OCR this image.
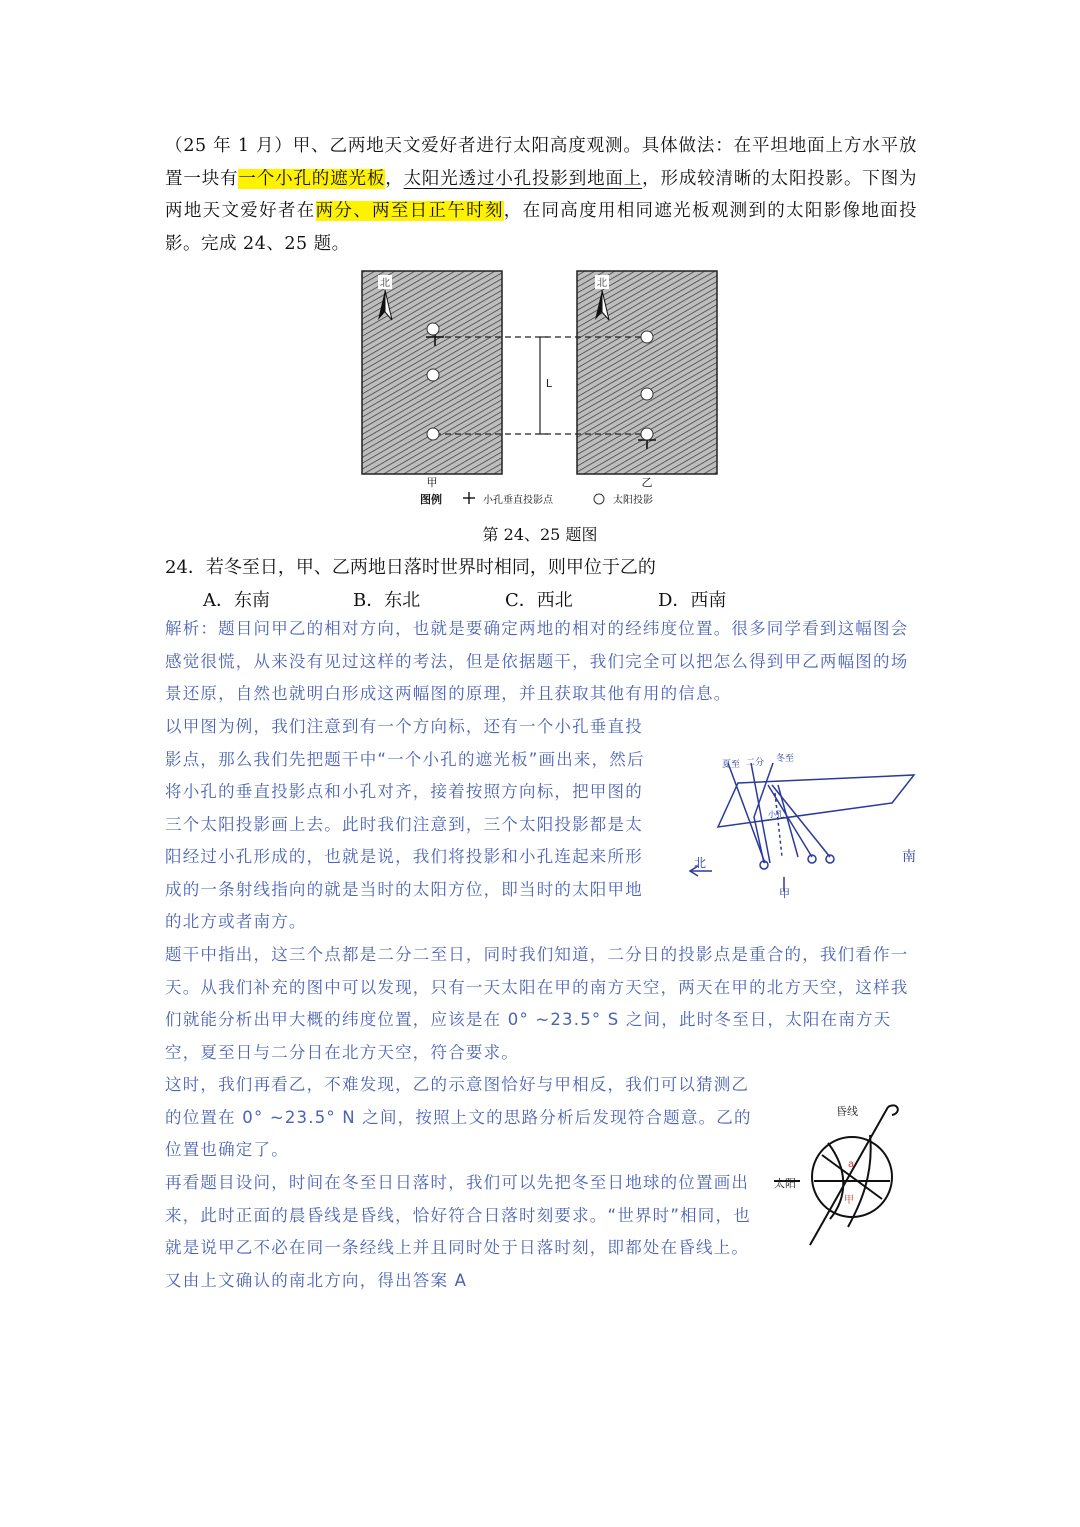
（25 年 1 月）甲、乙两地天文爱好者进行太阳高度观测。具体做法：在平坦地面上方水平放置一块有一个小孔的遮光板，太阳光透过小孔投影到地面上，形成较清晰的太阳投影。下图为两地天文爱好者在两分、两至日正午时刻，在同高度用相同遮光板观测到的太阳影像地面投影。完成 24、25 题。

北	北
L
甲	乙
图例	小孔垂直投影点	太阳投影
第 24、25 题图
24．若冬至日，甲、乙两地日落时世界时相同，则甲位于乙的
A．东南	B．东北	C．西北	D．西南
解析：题目问甲乙的相对方向，也就是要确定两地的相对的经纬度位置。很多同学看到这幅图会感觉很慌，从来没有见过这样的考法，但是依据题干，我们完全可以把怎么得到甲乙两幅图的场景还原，自然也就明白形成这两幅图的原理，并且获取其他有用的信息。
以甲图为例，我们注意到有一个方向标，还有一个小孔垂直投影点，那么我们先把题干中“一个小孔的遮光板”画出来，然后将小孔的垂直投影点和小孔对齐，接着按照方向标，把甲图的三个太阳投影画上去。此时我们注意到，三个太阳投影都是太阳经过小孔形成的，也就是说，我们将投影和小孔连起来所形成的一条射线指向的就是当时的太阳方位，即当时的太阳甲地的北方或者南方。
题干中指出，这三个点都是二分二至日，同时我们知道，二分日的投影点是重合的，我们看作一天。从我们补充的图中可以发现，只有一天太阳在甲的南方天空，两天在甲的北方天空，这样我们就能分析出甲大概的纬度位置，应该是在 0° ~23.5° S 之间，此时冬至日，太阳在南方天空，夏至日与二分日在北方天空，符合要求。
这时，我们再看乙，不难发现，乙的示意图恰好与甲相反，我们可以猜测乙的位置在 0° ~23.5° N 之间，按照上文的思路分析后发现符合题意。乙的位置也确定了。
再看题目设问，时间在冬至日日落时，我们可以先把冬至日地球的位置画出来，此时正面的晨昏线是昏线，恰好符合日落时刻要求。“世界时”相同，也就是说甲乙不必在同一条经线上并且同时处于日落时刻，即都处在昏线上。又由上文确认的南北方向，得出答案 A
夏至 二分 冬至
小孔
北	南
甲
昏线
太阳
a
甲
